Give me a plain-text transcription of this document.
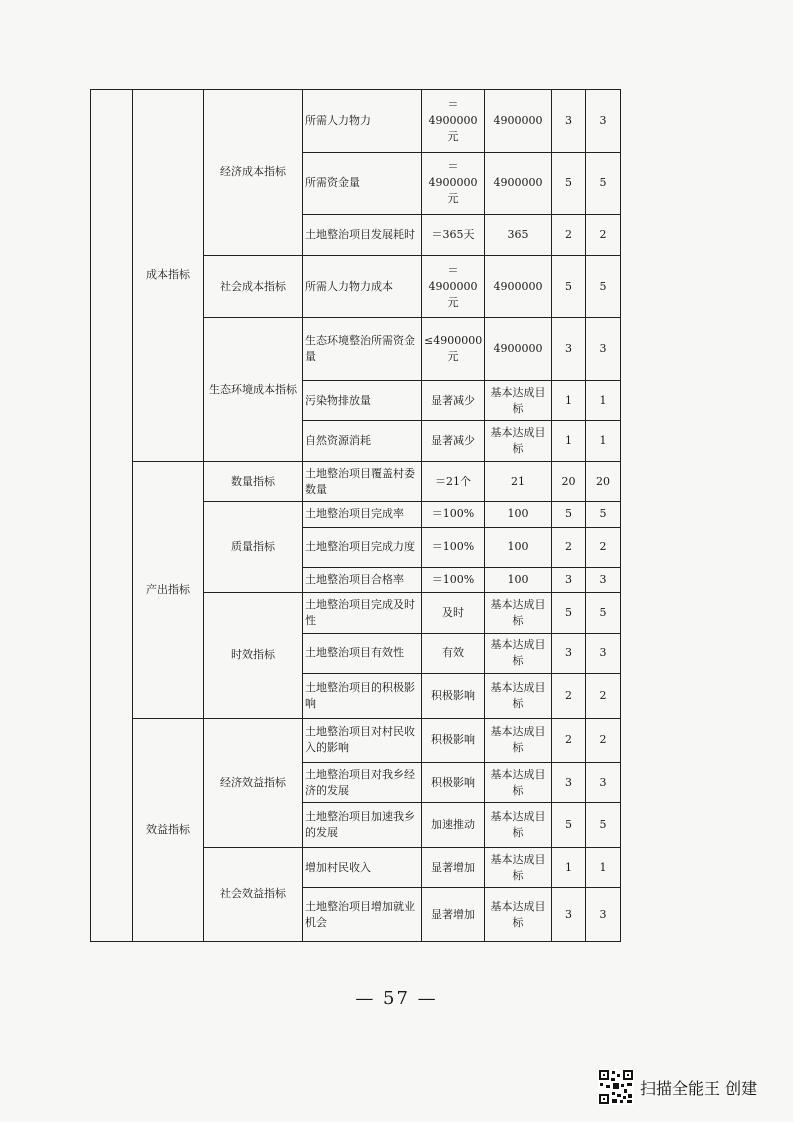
	成本指标	经济成本指标	所需人力物力	＝4900000元	4900000	3	3
			所需资金量	＝4900000元	4900000	5	5
			土地整治项目发展耗时	＝365天	365	2	2
		社会成本指标	所需人力物力成本	＝4900000元	4900000	5	5
		生态环境成本指标	生态环境整治所需资金量	≤4900000元	4900000	3	3
			污染物排放量	显著减少	基本达成目标	1	1
			自然资源消耗	显著减少	基本达成目标	1	1
	产出指标	数量指标	土地整治项目覆盖村委数量	＝21个	21	20	20
		质量指标	土地整治项目完成率	＝100%	100	5	5
			土地整治项目完成力度	＝100%	100	2	2
			土地整治项目合格率	＝100%	100	3	3
		时效指标	土地整治项目完成及时性	及时	基本达成目标	5	5
			土地整治项目有效性	有效	基本达成目标	3	3
			土地整治项目的积极影响	积极影响	基本达成目标	2	2
	效益指标	经济效益指标	土地整治项目对村民收入的影响	积极影响	基本达成目标	2	2
			土地整治项目对我乡经济的发展	积极影响	基本达成目标	3	3
			土地整治项目加速我乡的发展	加速推动	基本达成目标	5	5
		社会效益指标	增加村民收入	显著增加	基本达成目标	1	1
			土地整治项目增加就业机会	显著增加	基本达成目标	3	3
— 57 —
扫描全能王 创建
